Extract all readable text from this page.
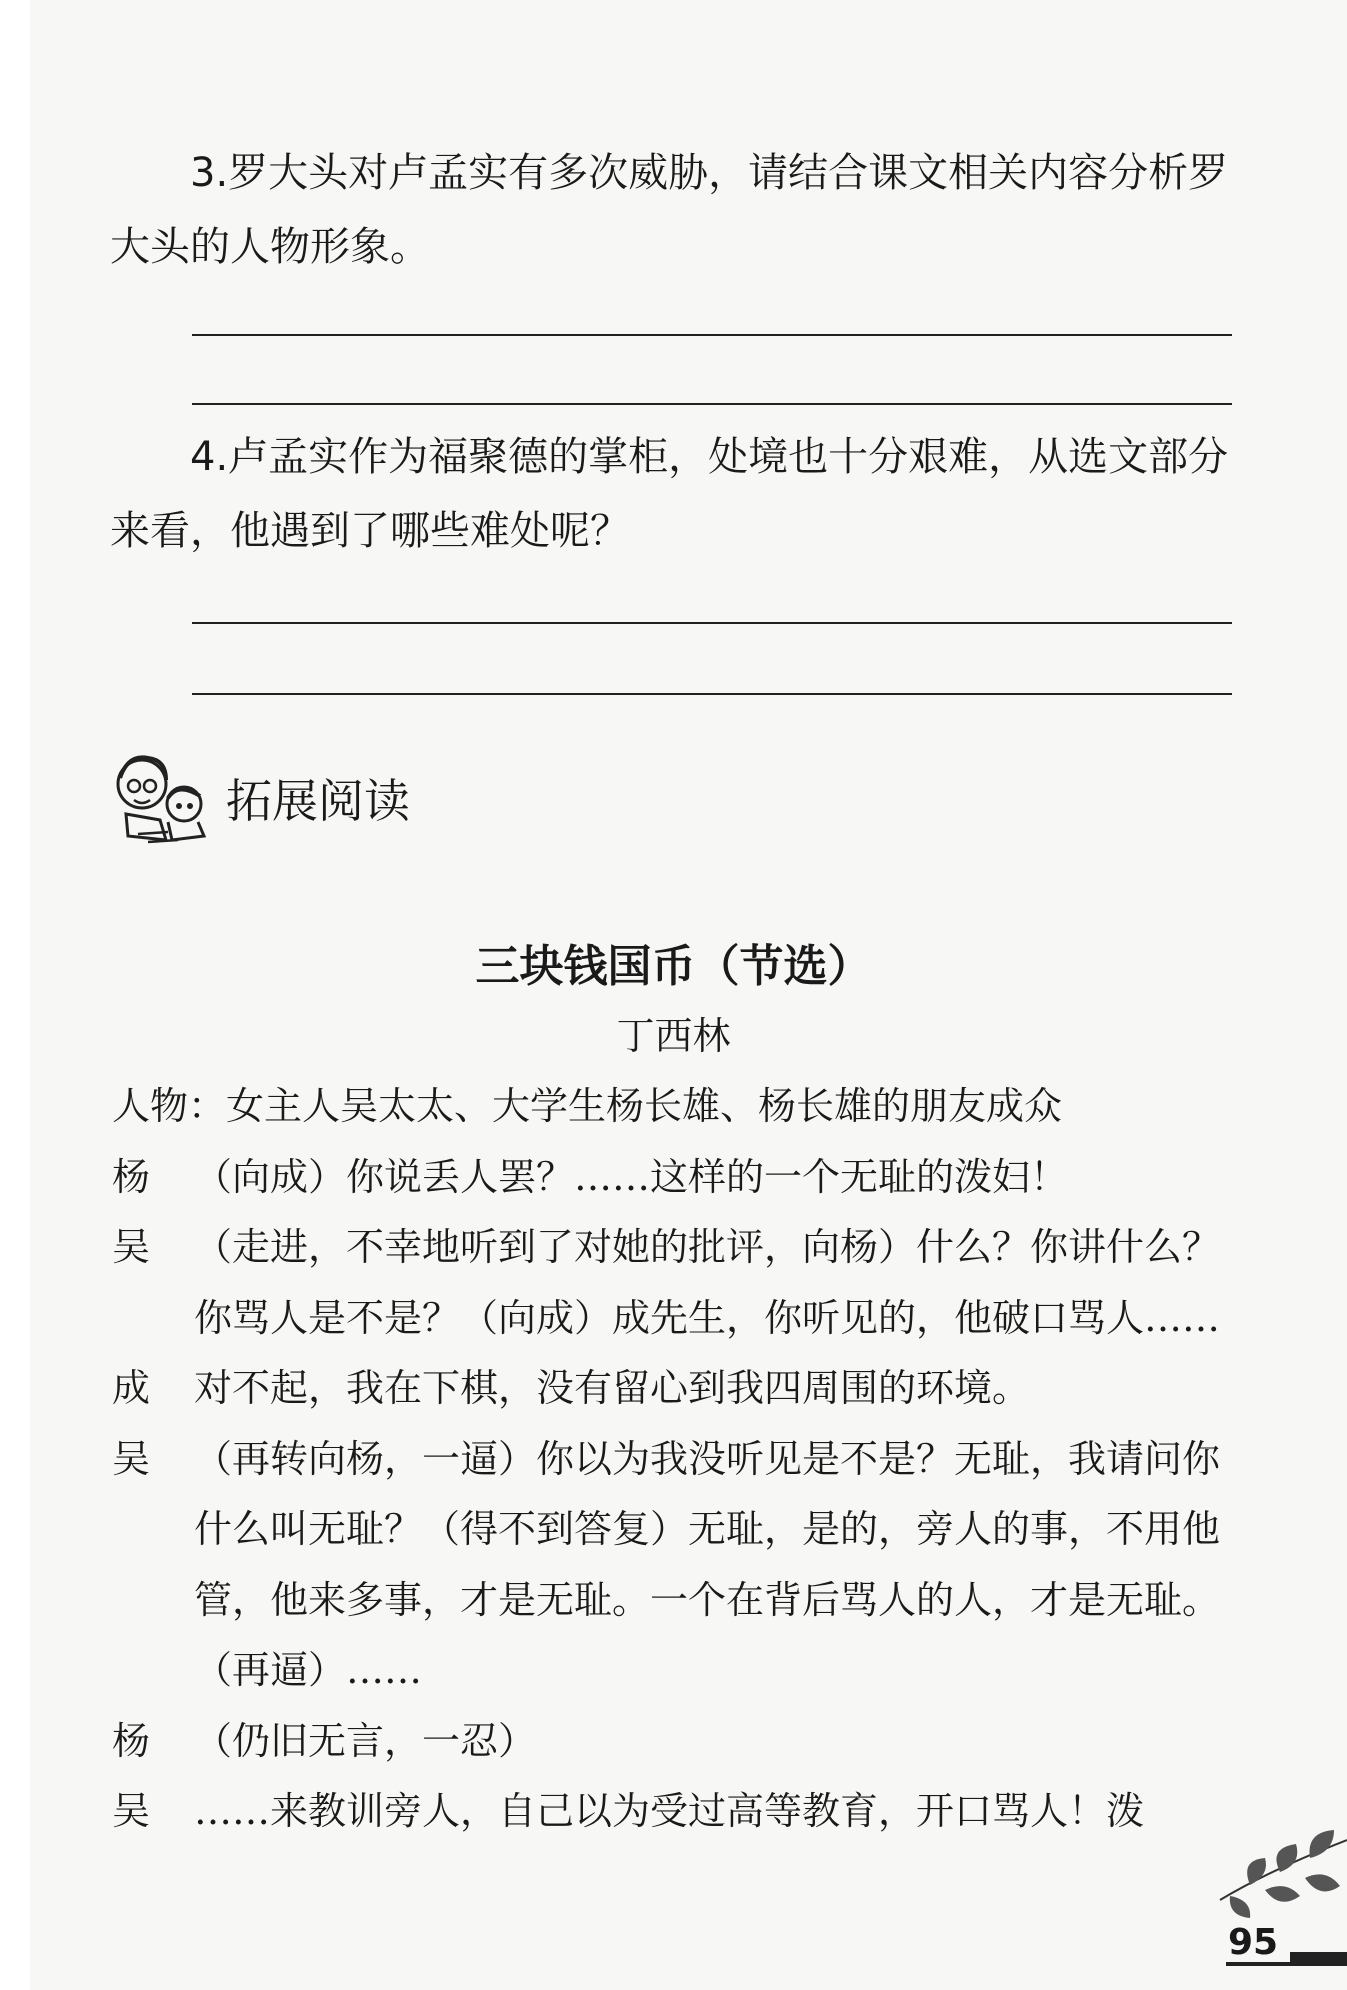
3.罗大头对卢孟实有多次威胁，请结合课文相关内容分析罗大头的人物形象。

4.卢孟实作为福聚德的掌柜，处境也十分艰难，从选文部分来看，他遇到了哪些难处呢？

拓展阅读
三块钱国币（节选）
丁西林
人物：女主人吴太太、大学生杨长雄、杨长雄的朋友成众
杨	（向成）你说丢人罢？……这样的一个无耻的泼妇！
吴	（走进，不幸地听到了对她的批评，向杨）什么？你讲什么？你骂人是不是？（向成）成先生，你听见的，他破口骂人……
成	对不起，我在下棋，没有留心到我四周围的环境。
吴	（再转向杨，一逼）你以为我没听见是不是？无耻，我请问你什么叫无耻？（得不到答复）无耻，是的，旁人的事，不用他管，他来多事，才是无耻。一个在背后骂人的人，才是无耻。（再逼）……
杨	（仍旧无言，一忍）
吴	……来教训旁人，自己以为受过高等教育，开口骂人！泼
95
